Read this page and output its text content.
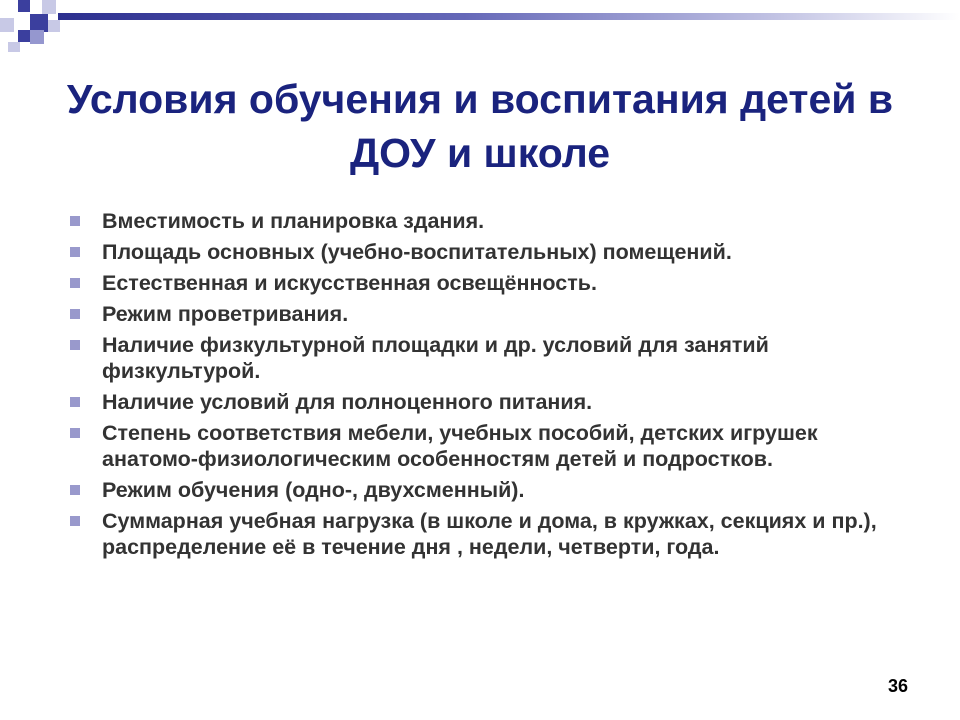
Условия обучения и воспитания детей в ДОУ и школе
Вместимость и планировка здания.
Площадь основных (учебно-воспитательных) помещений.
Естественная и искусственная освещённость.
Режим проветривания.
Наличие физкультурной площадки и др. условий для занятий физкультурой.
Наличие условий для полноценного питания.
Степень соответствия мебели, учебных пособий, детских игрушек анатомо-физиологическим особенностям детей и подростков.
Режим обучения (одно-, двухсменный).
Суммарная учебная нагрузка (в школе и дома, в кружках, секциях и пр.), распределение её в течение дня , недели, четверти, года.
36
